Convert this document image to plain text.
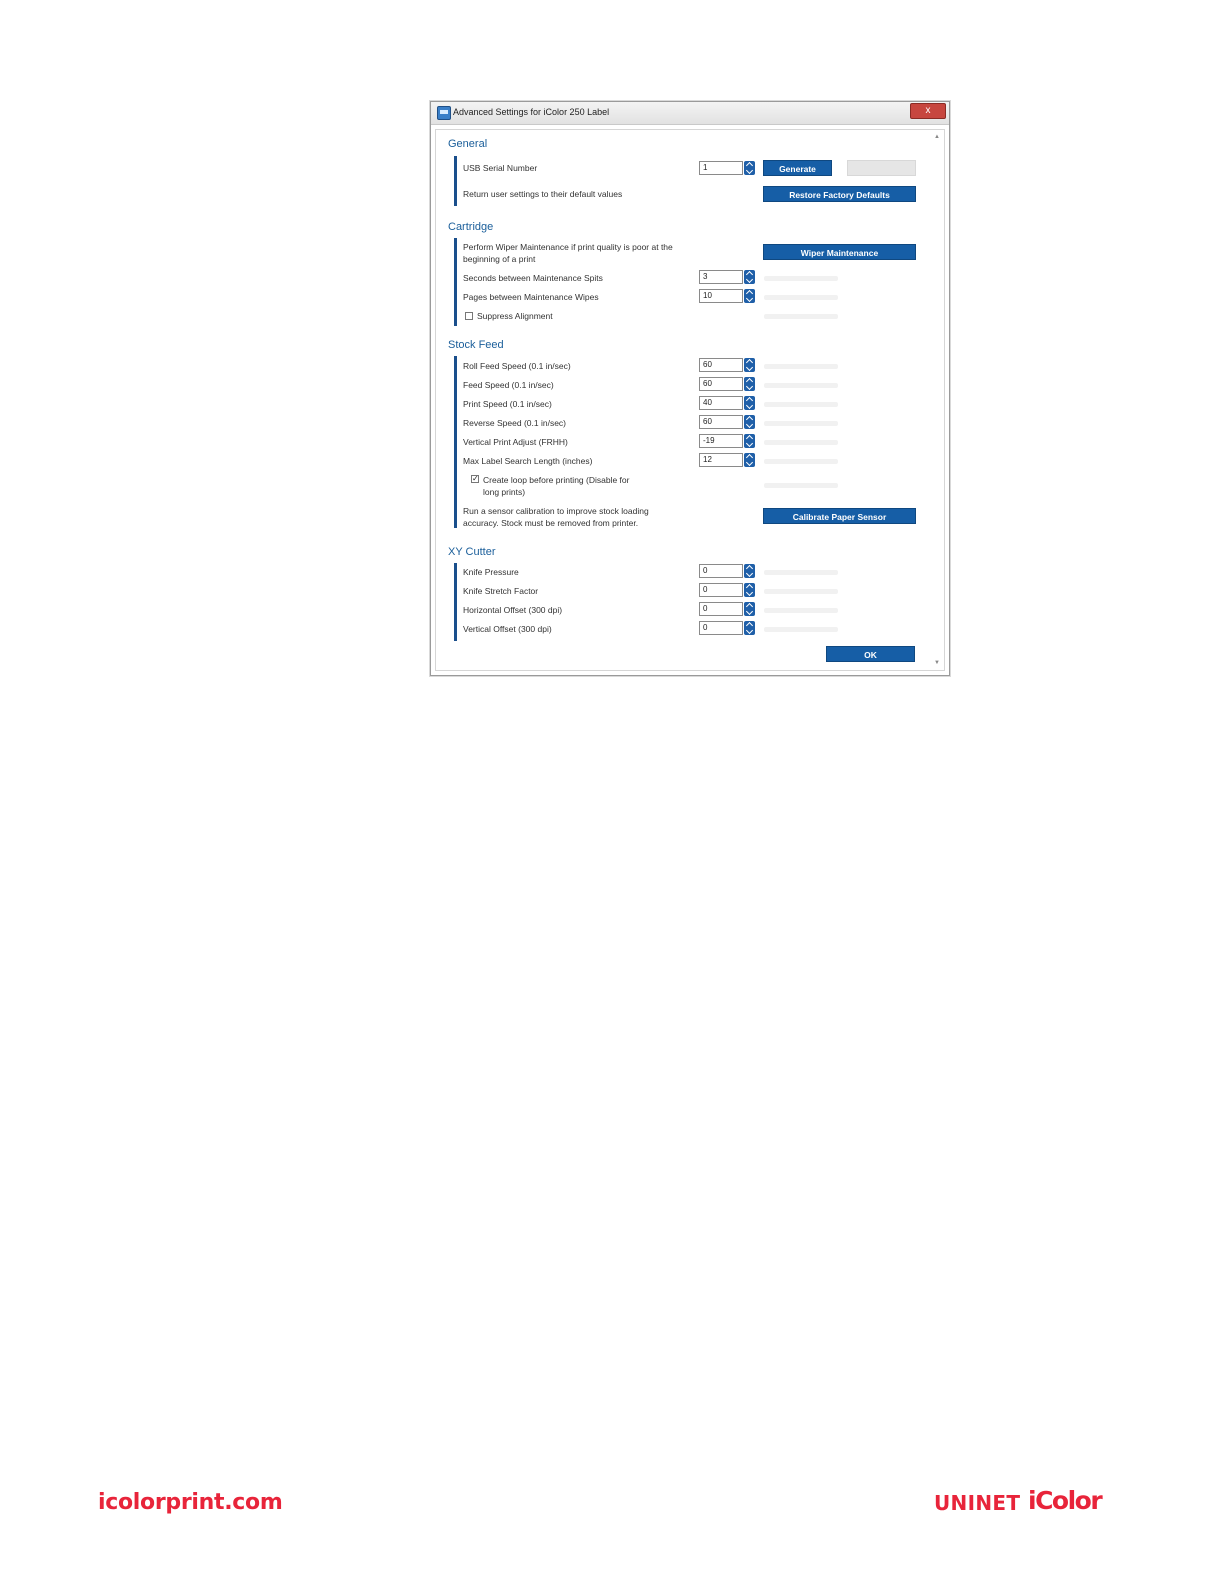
Advanced Settings for iColor 250 Label	x
▲
▼
General
USB Serial Number	1	Generate
Return user settings to their default values	Restore Factory Defaults
Cartridge
Perform Wiper Maintenance if print quality is poor at the
beginning of a print
Wiper Maintenance
Seconds between Maintenance Spits	3
Pages between Maintenance Wipes	10
Suppress Alignment
Stock Feed
Roll Feed Speed (0.1 in/sec)	60
Feed Speed (0.1 in/sec)	60
Print Speed (0.1 in/sec)	40
Reverse Speed (0.1 in/sec)	60
Vertical Print Adjust (FRHH)	-19
Max Label Search Length (inches)	12
✓ Create loop before printing (Disable for
long prints)
Run a sensor calibration to improve stock loading
accuracy. Stock must be removed from printer.
Calibrate Paper Sensor
XY Cutter
Knife Pressure	0
Knife Stretch Factor	0
Horizontal Offset (300 dpi)	0
Vertical Offset (300 dpi)	0
OK
icolorprint.com	UNINET iColor
